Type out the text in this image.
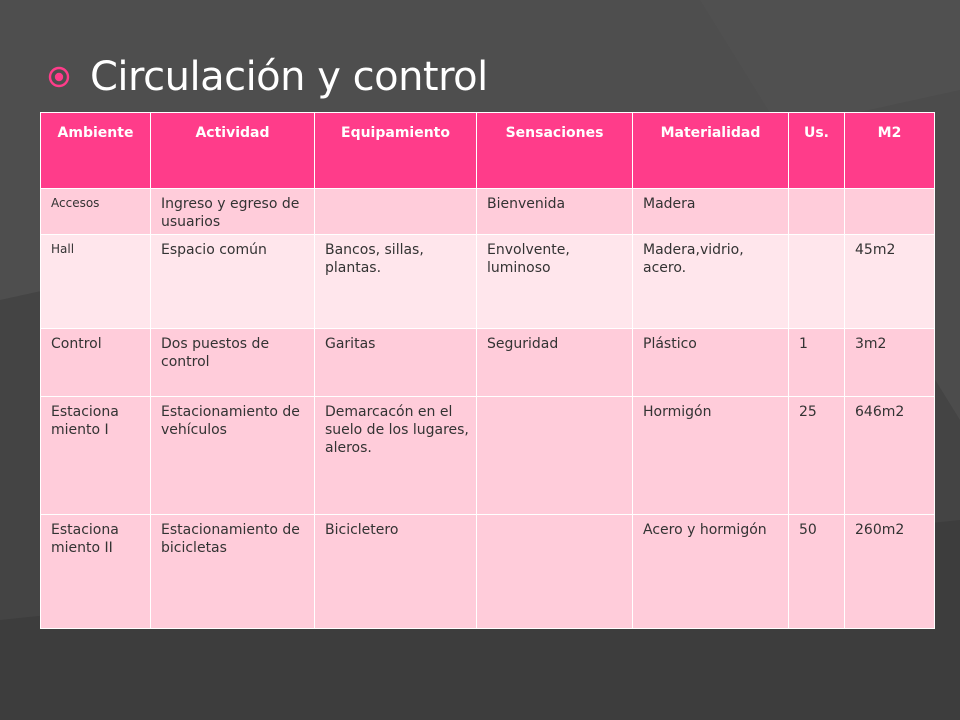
Circulación y control
Ambiente	Actividad	Equipamiento	Sensaciones	Materialidad	Us.	M2

Accesos	Ingreso y egreso de usuarios		Bienvenida	Madera		
Hall	Espacio común	Bancos, sillas, plantas.	Envolvente, luminoso	Madera,vidrio, acero.		45m2
Control	Dos puestos de control	Garitas	Seguridad	Plástico	1	3m2
Estaciona miento I	Estacionamiento de vehículos	Demarcacón en el suelo de los lugares, aleros.		Hormigón	25	646m2
Estaciona miento II	Estacionamiento de bicicletas	Bicicletero		Acero y hormigón	50	260m2
